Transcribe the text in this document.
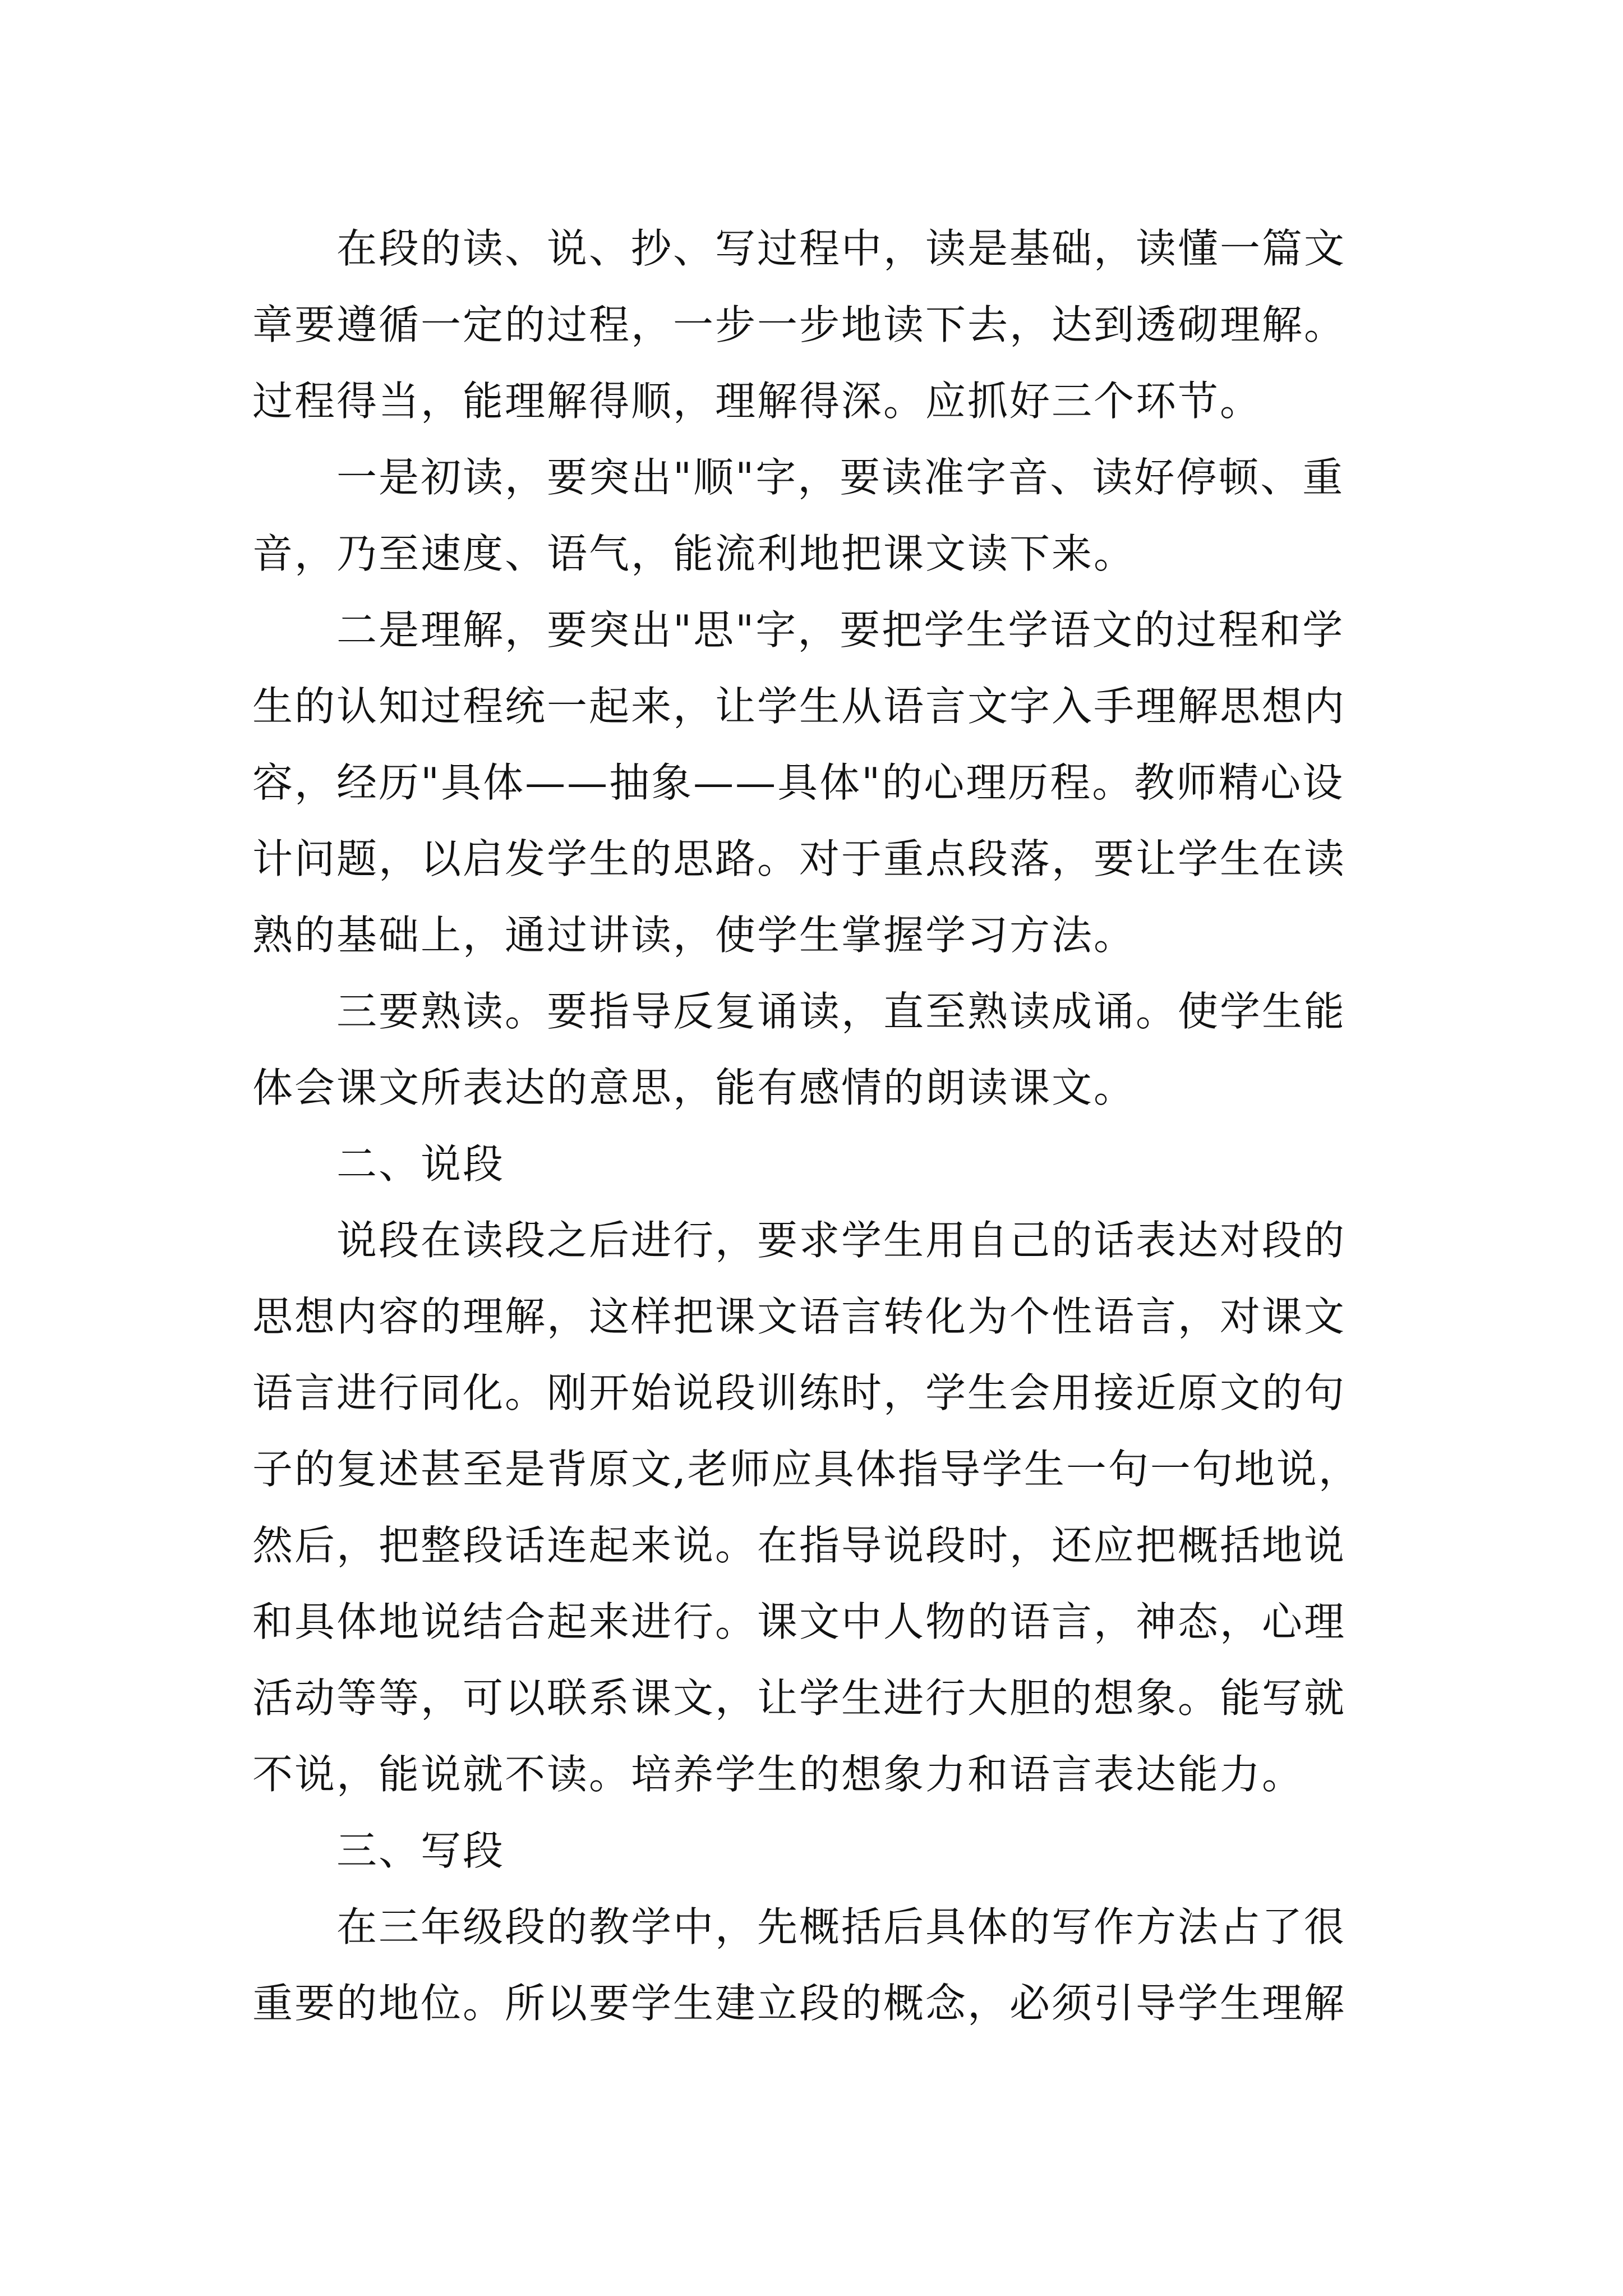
在段的读、说、抄、写过程中，读是基础，读懂一篇文
章要遵循一定的过程，一步一步地读下去，达到透砌理解。
过程得当，能理解得顺，理解得深。应抓好三个环节。
一是初读，要突出"顺"字，要读准字音、读好停顿、重
音，乃至速度、语气，能流利地把课文读下来。
二是理解，要突出"思"字，要把学生学语文的过程和学
生的认知过程统一起来，让学生从语言文字入手理解思想内
容，经历"具体——抽象——具体"的心理历程。教师精心设
计问题，以启发学生的思路。对于重点段落，要让学生在读
熟的基础上，通过讲读，使学生掌握学习方法。
三要熟读。要指导反复诵读，直至熟读成诵。使学生能
体会课文所表达的意思，能有感情的朗读课文。
二、说段
说段在读段之后进行，要求学生用自己的话表达对段的
思想内容的理解，这样把课文语言转化为个性语言，对课文
语言进行同化。刚开始说段训练时，学生会用接近原文的句
子的复述甚至是背原文,老师应具体指导学生一句一句地说，
然后，把整段话连起来说。在指导说段时，还应把概括地说
和具体地说结合起来进行。课文中人物的语言，神态，心理
活动等等，可以联系课文，让学生进行大胆的想象。能写就
不说，能说就不读。培养学生的想象力和语言表达能力。
三、写段
在三年级段的教学中，先概括后具体的写作方法占了很
重要的地位。所以要学生建立段的概念，必须引导学生理解
